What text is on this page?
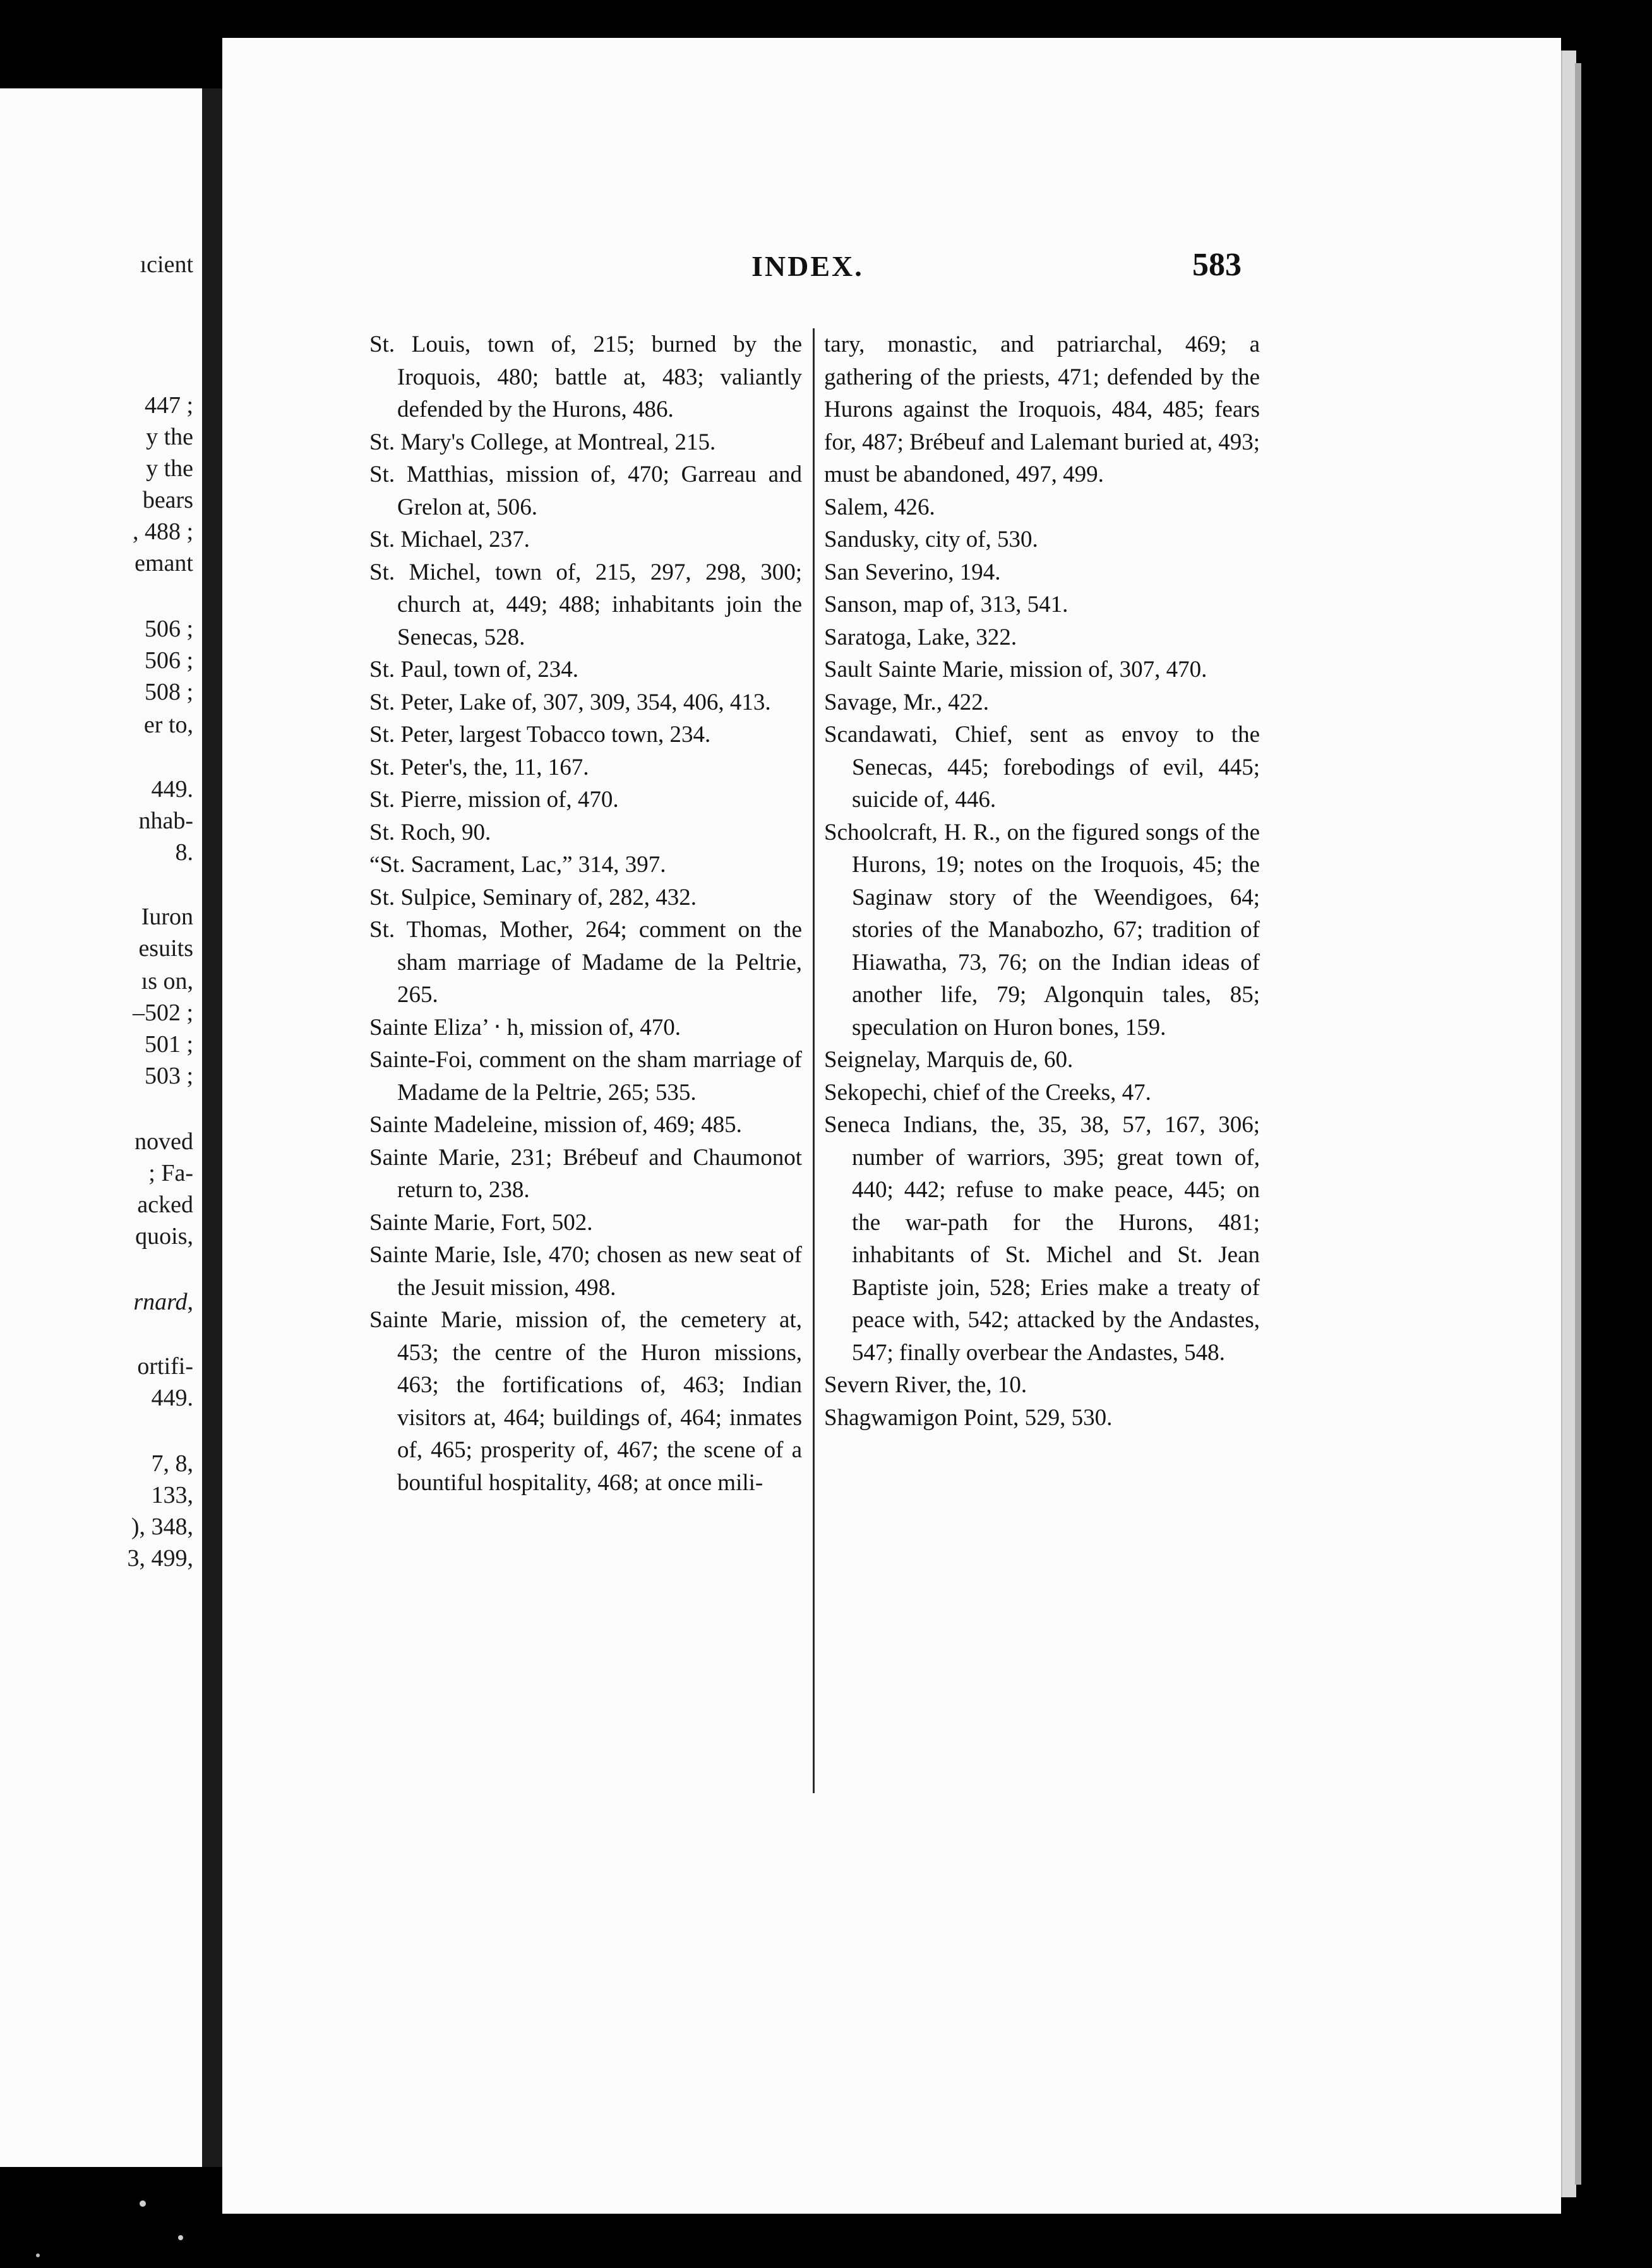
ıcient
447 ;
y the
y the
bears
, 488 ;
emant
506 ;
506 ;
508 ;
er to,
449.
nhab-
8.
Iuron
esuits
ıs on,
–502 ;
501 ;
503 ;
noved
; Fa-
acked
quois,
rnard,
ortifi-
449.
7, 8,
133,
), 348,
3, 499,
INDEX.	583

St. Louis, town of, 215; burned by the Iroquois, 480; battle at, 483; valiantly defended by the Hurons, 486.

St. Mary's College, at Montreal, 215.

St. Matthias, mission of, 470; Garreau and Grelon at, 506.

St. Michael, 237.

St. Michel, town of, 215, 297, 298, 300; church at, 449; 488; inhabitants join the Senecas, 528.

St. Paul, town of, 234.

St. Peter, Lake of, 307, 309, 354, 406, 413.

St. Peter, largest Tobacco town, 234.

St. Peter's, the, 11, 167.

St. Pierre, mission of, 470.

St. Roch, 90.

“St. Sacrament, Lac,” 314, 397.

St. Sulpice, Seminary of, 282, 432.

St. Thomas, Mother, 264; comment on the sham marriage of Madame de la Peltrie, 265.

Sainte Eliza’ ‧ h, mission of, 470.

Sainte-Foi, comment on the sham marriage of Madame de la Peltrie, 265; 535.

Sainte Madeleine, mission of, 469; 485.

Sainte Marie, 231; Brébeuf and Chaumonot return to, 238.

Sainte Marie, Fort, 502.

Sainte Marie, Isle, 470; chosen as new seat of the Jesuit mission, 498.

Sainte Marie, mission of, the cemetery at, 453; the centre of the Huron missions, 463; the fortifications of, 463; Indian visitors at, 464; buildings of, 464; inmates of, 465; prosperity of, 467; the scene of a bountiful hospitality, 468; at once mili-

tary, monastic, and patriarchal, 469; a gathering of the priests, 471; defended by the Hurons against the Iroquois, 484, 485; fears for, 487; Brébeuf and Lalemant buried at, 493; must be abandoned, 497, 499.

Salem, 426.

Sandusky, city of, 530.

San Severino, 194.

Sanson, map of, 313, 541.

Saratoga, Lake, 322.

Sault Sainte Marie, mission of, 307, 470.

Savage, Mr., 422.

Scandawati, Chief, sent as envoy to the Senecas, 445; forebodings of evil, 445; suicide of, 446.

Schoolcraft, H. R., on the figured songs of the Hurons, 19; notes on the Iroquois, 45; the Saginaw story of the Weendigoes, 64; stories of the Manabozho, 67; tradition of Hiawatha, 73, 76; on the Indian ideas of another life, 79; Algonquin tales, 85; speculation on Huron bones, 159.

Seignelay, Marquis de, 60.

Sekopechi, chief of the Creeks, 47.

Seneca Indians, the, 35, 38, 57, 167, 306; number of warriors, 395; great town of, 440; 442; refuse to make peace, 445; on the war-path for the Hurons, 481; inhabitants of St. Michel and St. Jean Baptiste join, 528; Eries make a treaty of peace with, 542; attacked by the Andastes, 547; finally overbear the Andastes, 548.

Severn River, the, 10.

Shagwamigon Point, 529, 530.
